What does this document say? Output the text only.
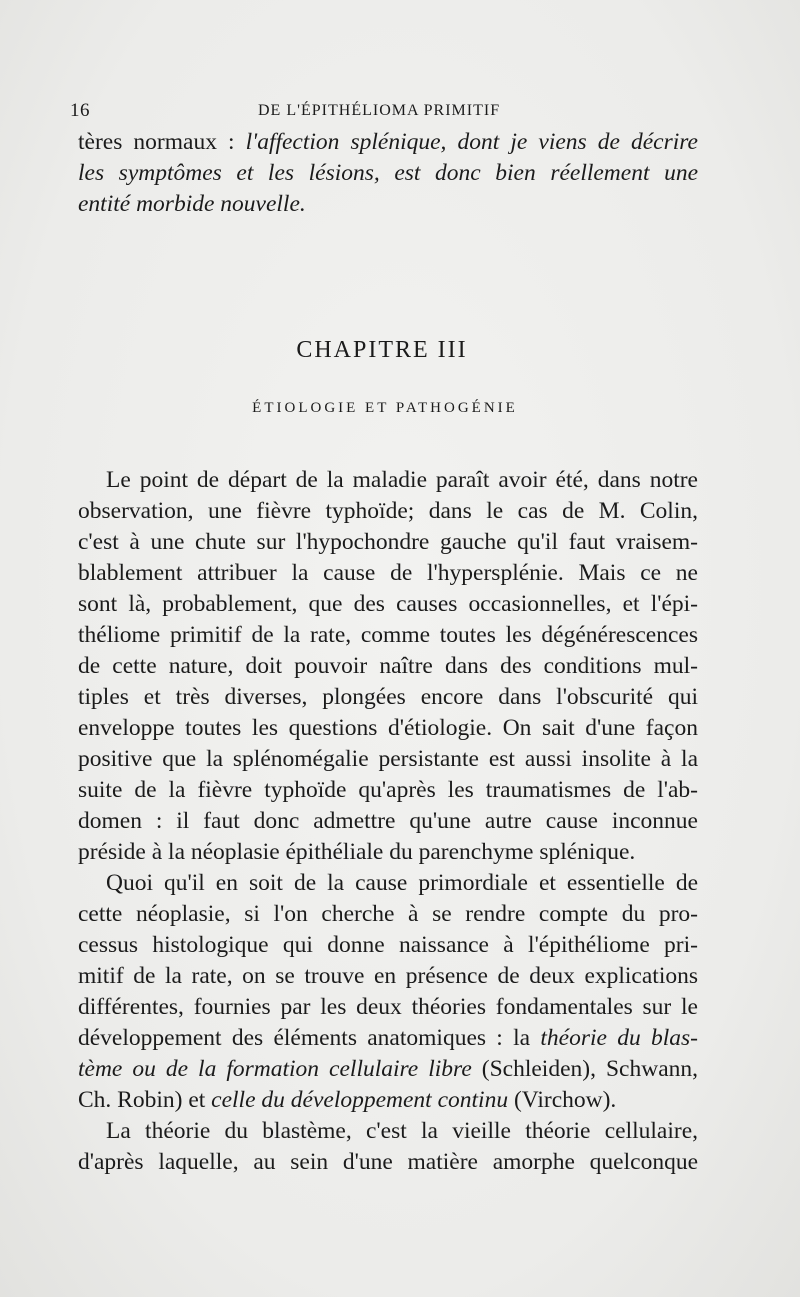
16	DE L'ÉPITHÉLIOMA PRIMITIF
tères normaux : l'affection splénique, dont je viens de décrire
les symptômes et les lésions, est donc bien réellement une
entité morbide nouvelle.
CHAPITRE III
ÉTIOLOGIE ET PATHOGÉNIE
Le point de départ de la maladie paraît avoir été, dans notre
observation, une fièvre typhoïde; dans le cas de M. Colin,
c'est à une chute sur l'hypochondre gauche qu'il faut vraisem-
blablement attribuer la cause de l'hypersplénie. Mais ce ne
sont là, probablement, que des causes occasionnelles, et l'épi-
théliome primitif de la rate, comme toutes les dégénérescences
de cette nature, doit pouvoir naître dans des conditions mul-
tiples et très diverses, plongées encore dans l'obscurité qui
enveloppe toutes les questions d'étiologie. On sait d'une façon
positive que la splénomégalie persistante est aussi insolite à la
suite de la fièvre typhoïde qu'après les traumatismes de l'ab-
domen : il faut donc admettre qu'une autre cause inconnue
préside à la néoplasie épithéliale du parenchyme splénique.
Quoi qu'il en soit de la cause primordiale et essentielle de
cette néoplasie, si l'on cherche à se rendre compte du pro-
cessus histologique qui donne naissance à l'épithéliome pri-
mitif de la rate, on se trouve en présence de deux explications
différentes, fournies par les deux théories fondamentales sur le
développement des éléments anatomiques : la théorie du blas-
tème ou de la formation cellulaire libre (Schleiden), Schwann,
Ch. Robin) et celle du développement continu (Virchow).
La théorie du blastème, c'est la vieille théorie cellulaire,
d'après laquelle, au sein d'une matière amorphe quelconque
